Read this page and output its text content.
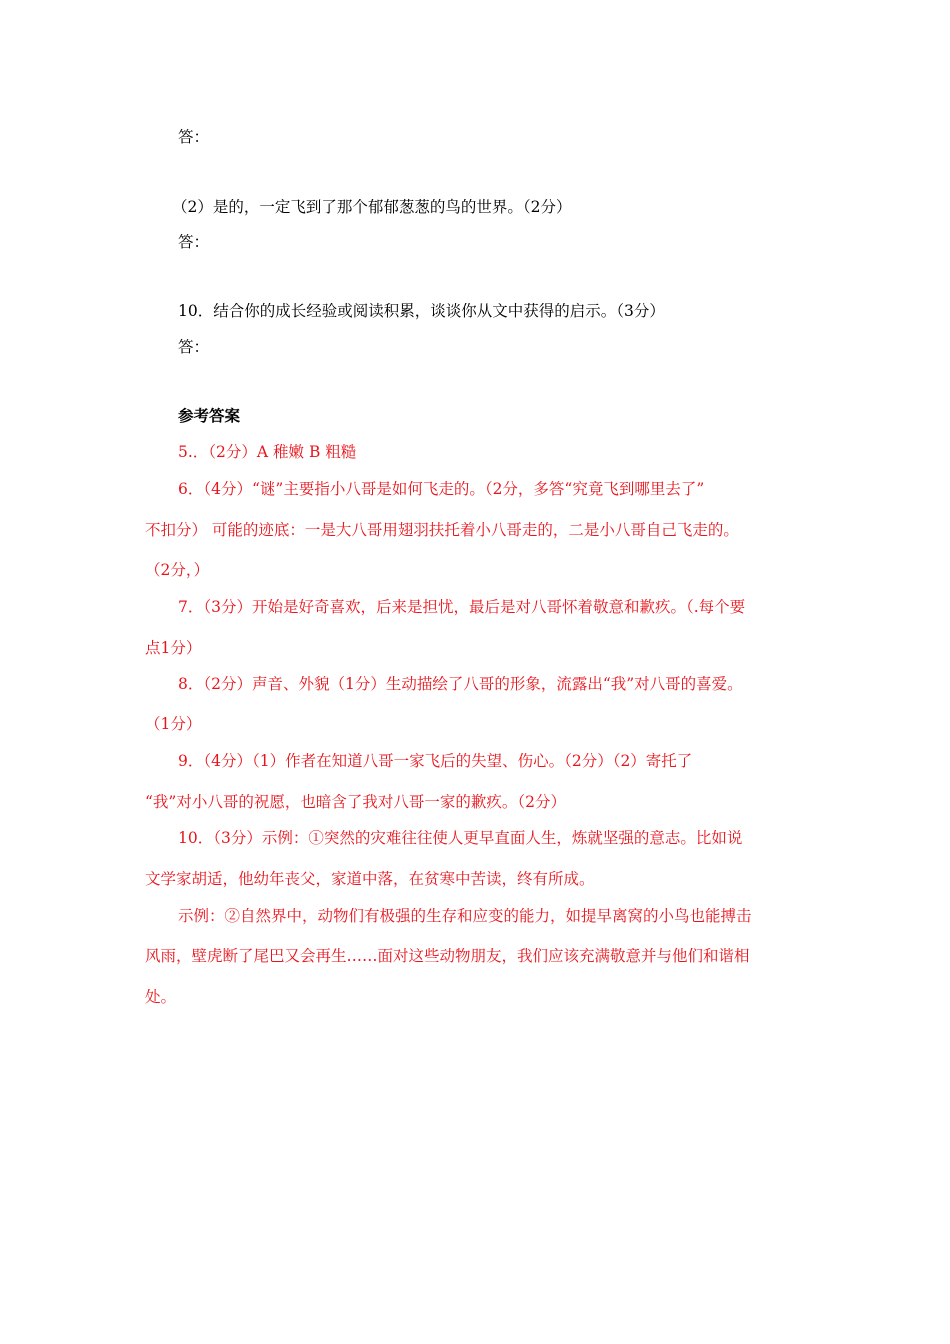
答：
（2）是的，一定飞到了那个郁郁葱葱的鸟的世界。（2分）
答：
10．结合你的成长经验或阅读积累，谈谈你从文中获得的启示。（3分）
答：
参考答案
5.．（2分）A 稚嫩 B 粗糙
6．（4分）“谜”主要指小八哥是如何飞走的。（2分，多答“究竟飞到哪里去了”
不扣分） 可能的迹底：一是大八哥用翅羽扶托着小八哥走的，二是小八哥自己飞走的。
（2分，）
7．（3分）开始是好奇喜欢，后来是担忧，最后是对八哥怀着敬意和歉疚。（.每个要
点1分）
8．（2分）声音、外貌（1分）生动描绘了八哥的形象，流露出“我”对八哥的喜爱。
（1分）
9．（4分）（1）作者在知道八哥一家飞后的失望、伤心。（2分）（2）寄托了
“我”对小八哥的祝愿，也暗含了我对八哥一家的歉疚。（2分）
10．（3分）示例：①突然的灾难往往使人更早直面人生，炼就坚强的意志。比如说
文学家胡适，他幼年丧父，家道中落，在贫寒中苦读，终有所成。
示例：②自然界中，动物们有极强的生存和应变的能力，如提早离窝的小鸟也能搏击
风雨，壁虎断了尾巴又会再生……面对这些动物朋友，我们应该充满敬意并与他们和谐相
处。
